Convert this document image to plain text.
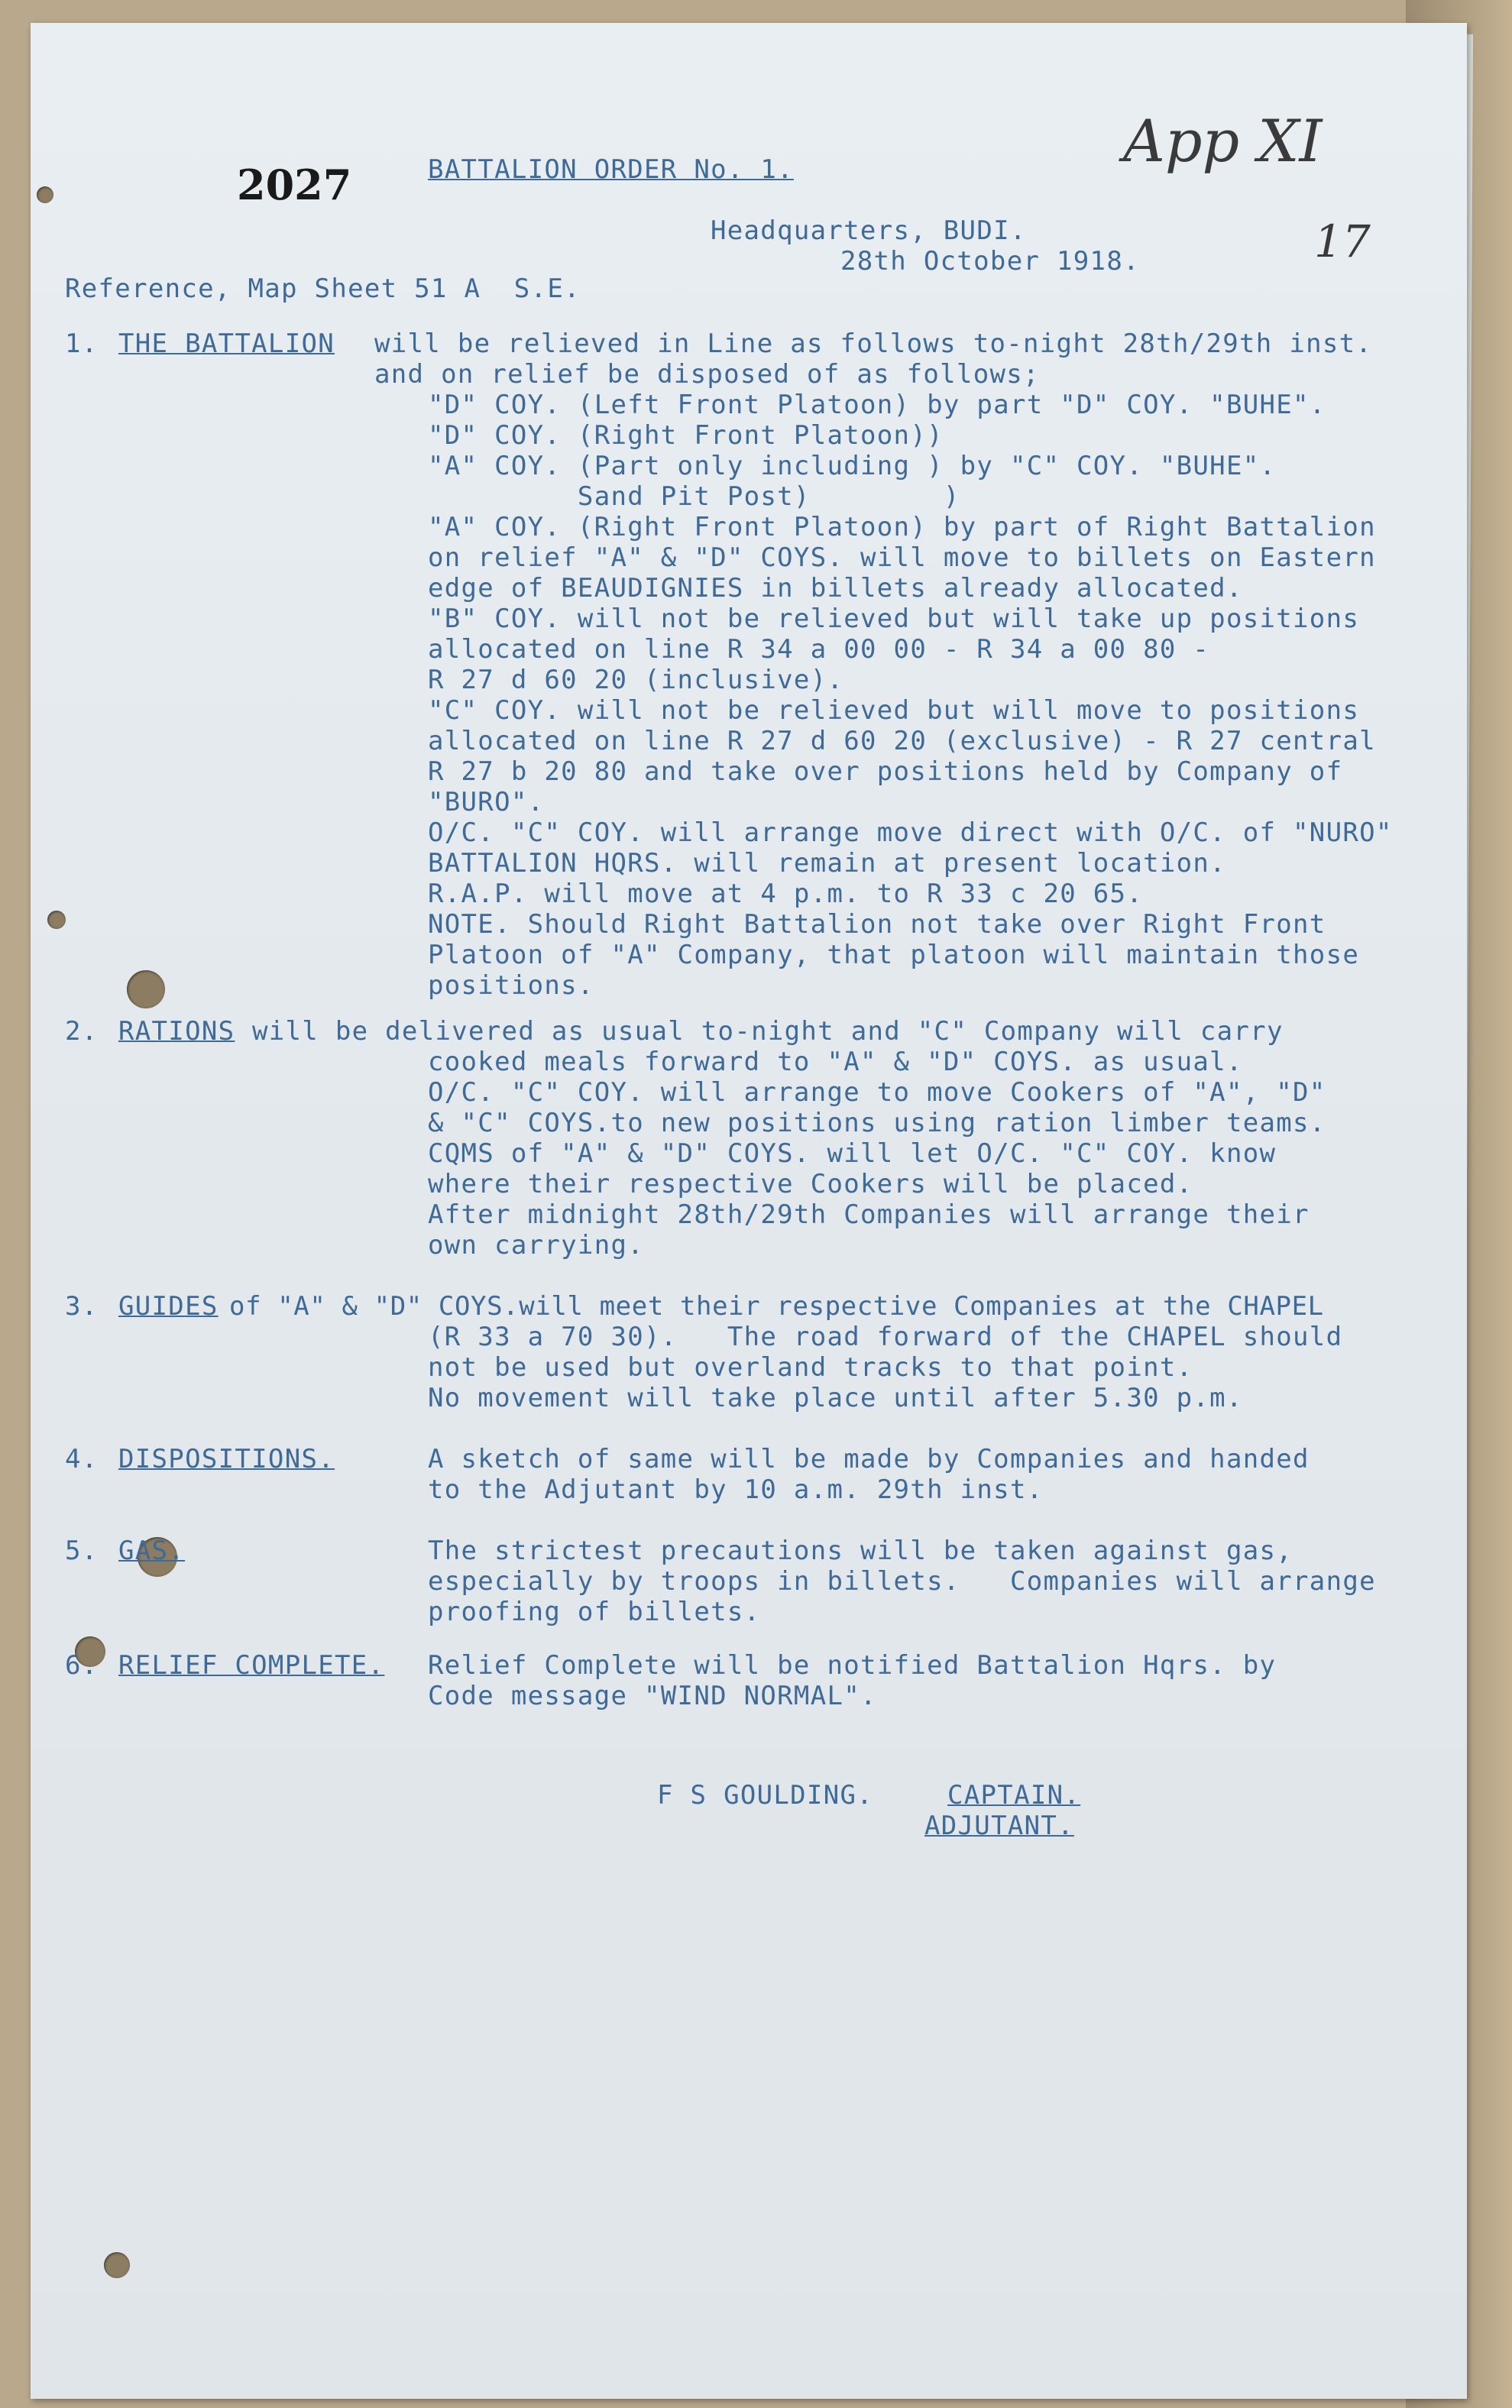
2027
App XI
17
BATTALION ORDER No. 1.
Headquarters, BUDI.
28th October 1918.
Reference, Map Sheet 51 A  S.E.
1. THE BATTALION will be relieved in Line as follows to-night 28th/29th inst.
and on relief be disposed of as follows;
"D" COY. (Left Front Platoon) by part "D" COY. "BUHE".
"D" COY. (Right Front Platoon))
"A" COY. (Part only including ) by "C" COY. "BUHE".
Sand Pit Post)        )
"A" COY. (Right Front Platoon) by part of Right Battalion
on relief "A" & "D" COYS. will move to billets on Eastern
edge of BEAUDIGNIES in billets already allocated.
"B" COY. will not be relieved but will take up positions
allocated on line R 34 a 00 00 - R 34 a 00 80 -
R 27 d 60 20 (inclusive).
"C" COY. will not be relieved but will move to positions
allocated on line R 27 d 60 20 (exclusive) - R 27 central
R 27 b 20 80 and take over positions held by Company of
"BURO".
O/C. "C" COY. will arrange move direct with O/C. of "NURO"
BATTALION HQRS. will remain at present location.
R.A.P. will move at 4 p.m. to R 33 c 20 65.
NOTE. Should Right Battalion not take over Right Front
Platoon of "A" Company, that platoon will maintain those
positions.
2. RATIONS will be delivered as usual to-night and "C" Company will carry
cooked meals forward to "A" & "D" COYS. as usual.
O/C. "C" COY. will arrange to move Cookers of "A", "D"
& "C" COYS.to new positions using ration limber teams.
CQMS of "A" & "D" COYS. will let O/C. "C" COY. know
where their respective Cookers will be placed.
After midnight 28th/29th Companies will arrange their
own carrying.
3. GUIDES of "A" & "D" COYS.will meet their respective Companies at the CHAPEL
(R 33 a 70 30).   The road forward of the CHAPEL should
not be used but overland tracks to that point.
No movement will take place until after 5.30 p.m.
4. DISPOSITIONS.	A sketch of same will be made by Companies and handed
to the Adjutant by 10 a.m. 29th inst.
5. GAS.	The strictest precautions will be taken against gas,
especially by troops in billets.   Companies will arrange
proofing of billets.
6. RELIEF COMPLETE. Relief Complete will be notified Battalion Hqrs. by
Code message "WIND NORMAL".
F S GOULDING.	CAPTAIN.
ADJUTANT.
